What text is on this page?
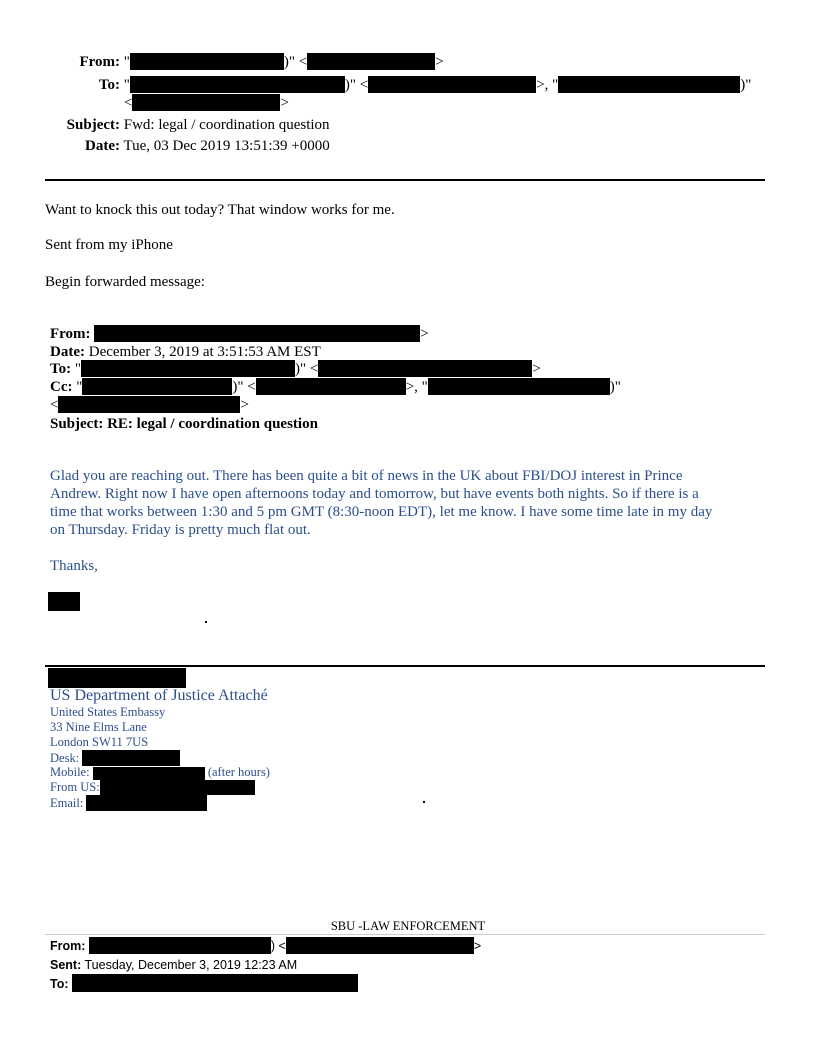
From: "	)" <	>
To: "	)" <	>, "	)"
<	>
Subject: Fwd: legal / coordination question
Date: Tue, 03 Dec 2019 13:51:39 +0000
Want to knock this out today? That window works for me.
Sent from my iPhone
Begin forwarded message:
From:	>
Date: December 3, 2019 at 3:51:53 AM EST
To: "	)" <	>
Cc: "	)" <	>, "	)"
<	>
Subject: RE: legal / coordination question
Glad you are reaching out. There has been quite a bit of news in the UK about FBI/DOJ interest in Prince
Andrew. Right now I have open afternoons today and tomorrow, but have events both nights. So if there is a
time that works between 1:30 and 5 pm GMT (8:30-noon EDT), let me know. I have some time late in my day
on Thursday. Friday is pretty much flat out.
Thanks,
US Department of Justice Attaché
United States Embassy
33 Nine Elms Lane
London SW11 7US
Desk:
Mobile:	(after hours)
From US:
Email:
SBU -LAW ENFORCEMENT
From:	) <	>
Sent: Tuesday, December 3, 2019 12:23 AM
To:
